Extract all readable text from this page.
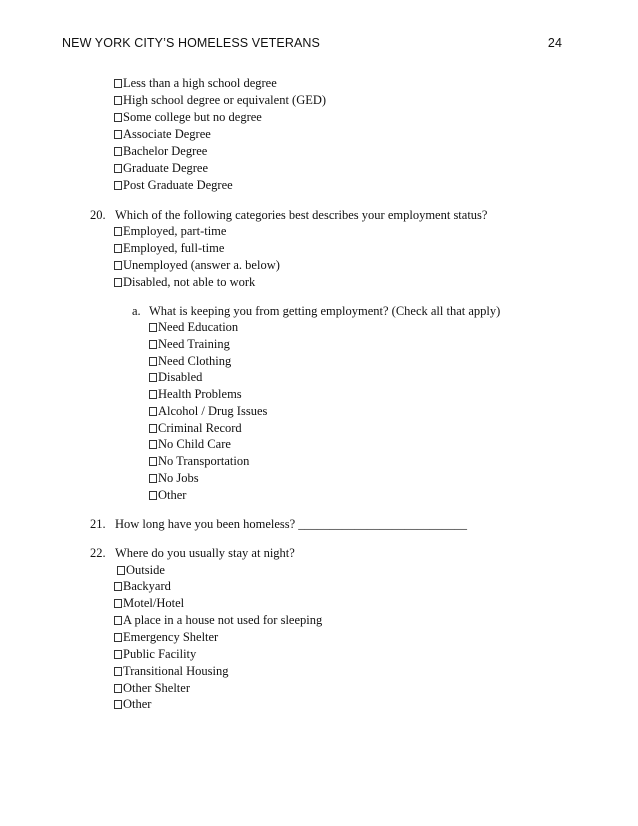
NEW YORK CITY’S HOMELESS VETERANS	24
Less than a high school degree
High school degree or equivalent (GED)
Some college but no degree
Associate Degree
Bachelor Degree
Graduate Degree
Post Graduate Degree
20. Which of the following categories best describes your employment status?
Employed, part-time
Employed, full-time
Unemployed (answer a. below)
Disabled, not able to work
a. What is keeping you from getting employment? (Check all that apply)
Need Education
Need Training
Need Clothing
Disabled
Health Problems
Alcohol / Drug Issues
Criminal Record
No Child Care
No Transportation
No Jobs
Other
21. How long have you been homeless? ___________________________
22. Where do you usually stay at night?
Outside
Backyard
Motel/Hotel
A place in a house not used for sleeping
Emergency Shelter
Public Facility
Transitional Housing
Other Shelter
Other
